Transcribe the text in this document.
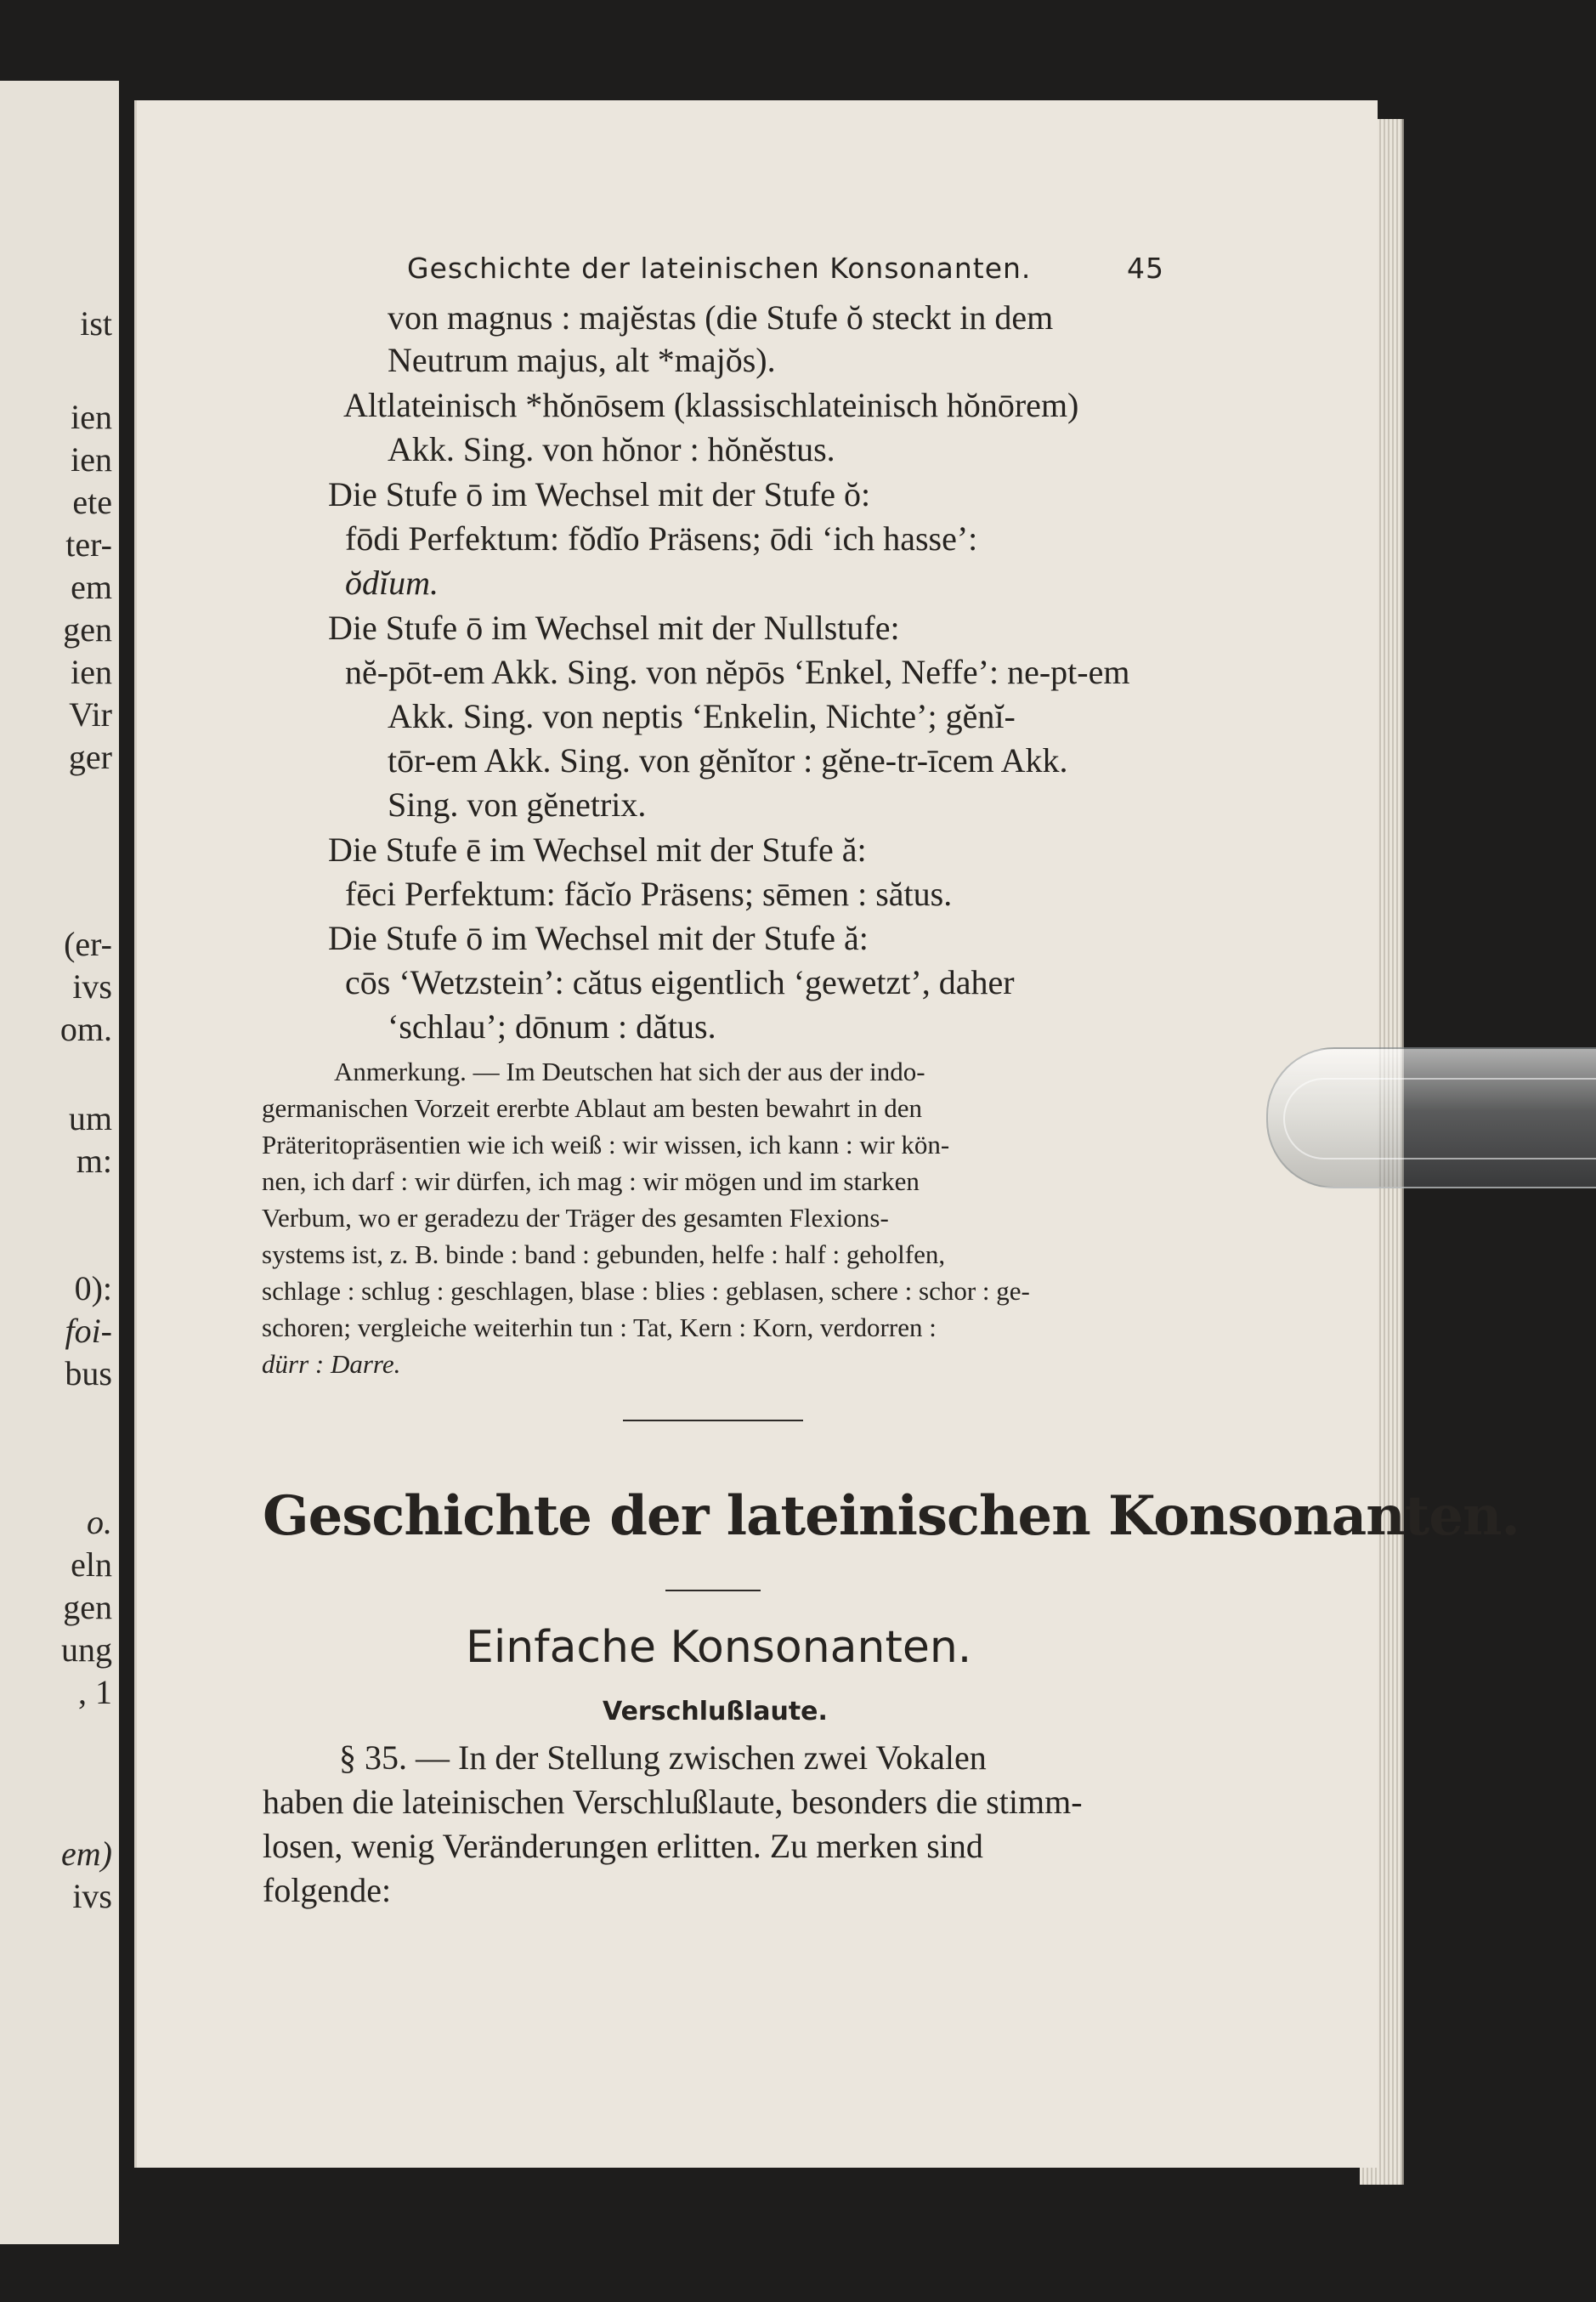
ist
ien
ien
ete
ter-
em
gen
ien
Vir
ger
(er-
ivs
om.
um
m:
0):
foi-
bus
o.
eln
gen
ung
, 1
em)
ivs
Geschichte der lateinischen Konsonanten.	45
von magnus : majĕstas (die Stufe ŏ steckt in dem
Neutrum majus, alt *majŏs).
Altlateinisch *hŏnōsem (klassischlateinisch hŏnōrem)
Akk. Sing. von hŏnor : hŏnĕstus.
Die Stufe ō im Wechsel mit der Stufe ŏ:
fōdi Perfektum: fŏdĭo Präsens; ōdi ‘ich hasse’:
ŏdĭum.
Die Stufe ō im Wechsel mit der Nullstufe:
nĕ-pōt-em Akk. Sing. von nĕpōs ‘Enkel, Neffe’: ne-pt-em
Akk. Sing. von neptis ‘Enkelin, Nichte’; gĕnĭ-
tōr-em Akk. Sing. von gĕnĭtor : gĕne-tr-īcem Akk.
Sing. von gĕnetrix.
Die Stufe ē im Wechsel mit der Stufe ă:
fēci Perfektum: făcĭo Präsens; sēmen : sătus.
Die Stufe ō im Wechsel mit der Stufe ă:
cōs ‘Wetzstein’: cătus eigentlich ‘gewetzt’, daher
‘schlau’; dōnum : dătus.
Anmerkung. — Im Deutschen hat sich der aus der indo-
germanischen Vorzeit ererbte Ablaut am besten bewahrt in den
Präteritopräsentien wie ich weiß : wir wissen, ich kann : wir kön-
nen, ich darf : wir dürfen, ich mag : wir mögen und im starken
Verbum, wo er geradezu der Träger des gesamten Flexions-
systems ist, z. B. binde : band : gebunden, helfe : half : geholfen,
schlage : schlug : geschlagen, blase : blies : geblasen, schere : schor : ge-
schoren; vergleiche weiterhin tun : Tat, Kern : Korn, verdorren :
dürr : Darre.
Geschichte der lateinischen Konsonanten.
Einfache Konsonanten.
Verschlußlaute.
§ 35. — In der Stellung zwischen zwei Vokalen
haben die lateinischen Verschlußlaute, besonders die stimm-
losen, wenig Veränderungen erlitten. Zu merken sind
folgende:
